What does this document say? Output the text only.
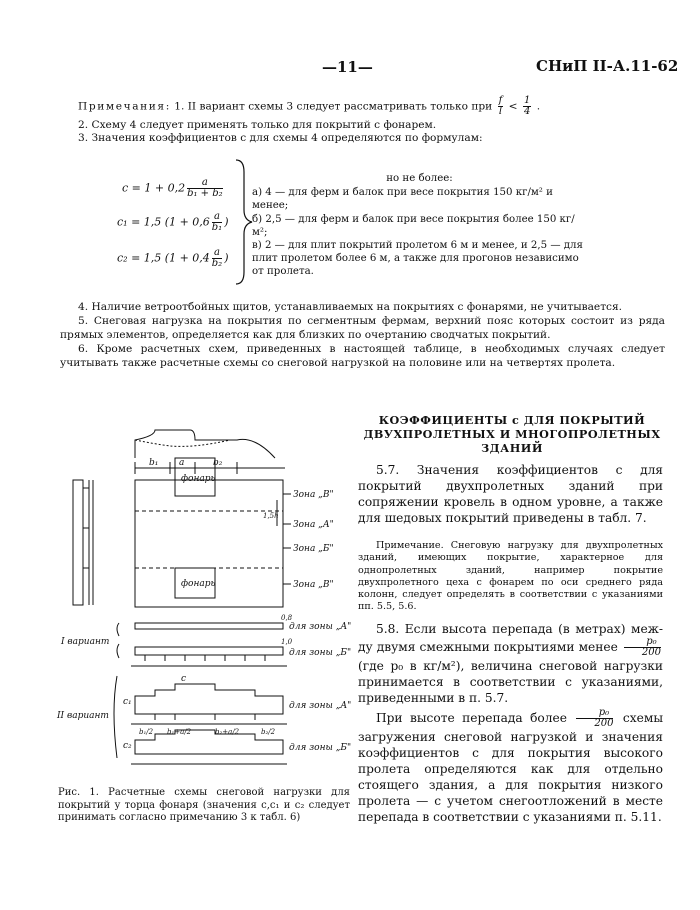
—11—	СНиП II-А.11-62
Примечания: 1. II вариант схемы 3 следует рассматривать только при $\frac{f}{l} < \frac{1}{4}$ .
2. Схему 4 следует применять только для покрытий с фонарем.
3. Значения коэффициентов c для схемы 4 определяются по формулам:
$c = 1 + 0,2 \frac{a}{\text{b₁ + b₂}}$
c₁ = 1,5 ($1 + 0,6 \frac{a}{\text{b₁}}$ )
c₂ = 1,5 ($1 + 0,4 \frac{a}{\text{b₂}}$ )
но не более:

а) 4 — для ферм и балок при весе покрытия 150 кг/м² и менее;

б) 2,5 — для ферм и балок при весе покрытия более 150 кг/м²;

в) 2 — для плит покрытий пролетом 6 м и менее, и 2,5 — для плит пролетом более 6 м, а также для прогонов независимо от пролета.

4. Наличие ветроотбойных щитов, устанавливаемых на покрытиях с фонарями, не учитывается.
5. Снеговая нагрузка на покрытия по сегментным фермам, верхний пояс которых состоит из ряда прямых элементов, определяется как для близких по очертанию сводчатых покрытий.
6. Кроме расчетных схем, приведенных в настоящей таблице, в необходимых случаях следует учитывать также расчетные схемы со снеговой нагрузкой на половине или на четвертях пролета.
b₁ a	b₂
фонарь
фонарь
Зона „В"
Зона „А"
Зона „Б"
Зона „В"
1,5h
I вариант
II вариант
для зоны „А"
для зоны „Б"
для зоны „А"
для зоны „Б"
c
c₁
c₂
b₁/2 b₁+a/2	b₂+a/2	b₂/2
0,8
1,0
Рис. 1. Расчетные схемы снеговой нагрузки для покрытий у торца фонаря (значения c,c₁ и c₂ следует принимать согласно примечанию 3 к табл. 6)
КОЭФФИЦИЕНТЫ c ДЛЯ ПОКРЫТИЙ ДВУХПРОЛЕТНЫХ И МНОГОПРОЛЕТНЫХ ЗДАНИЙ
5.7. Значения коэффициентов c для покрытий двухпролетных зданий при сопряжении кровель в одном уровне, а также для шедовых покрытий приведены в табл. 7.
Примечание. Снеговую нагрузку для двухпролетных зданий, имеющих покрытие, характерное для однопролетных зданий, например покрытие двухпролетного цеха с фонарем по оси среднего ряда колонн, следует определять в соответствии с указаниями пп. 5.5, 5.6.
5.8. Если высота перепада (в метрах) между двумя смежными покрытиями менее $\frac{\text{p₀}}{200}$
(где p₀ в кг/м²), величина снеговой нагрузки принимается в соответствии с указаниями, приведенными в п. 5.7.
При высоте перепада более $\frac{\text{p₀}}{200}$ схемы загружения снеговой нагрузкой и значения коэффициентов c для покрытия высокого пролета определяются как для отдельно стоящего здания, а для покрытия низкого пролета — с учетом снегоотложений в месте перепада в соответствии с указаниями п. 5.11.
